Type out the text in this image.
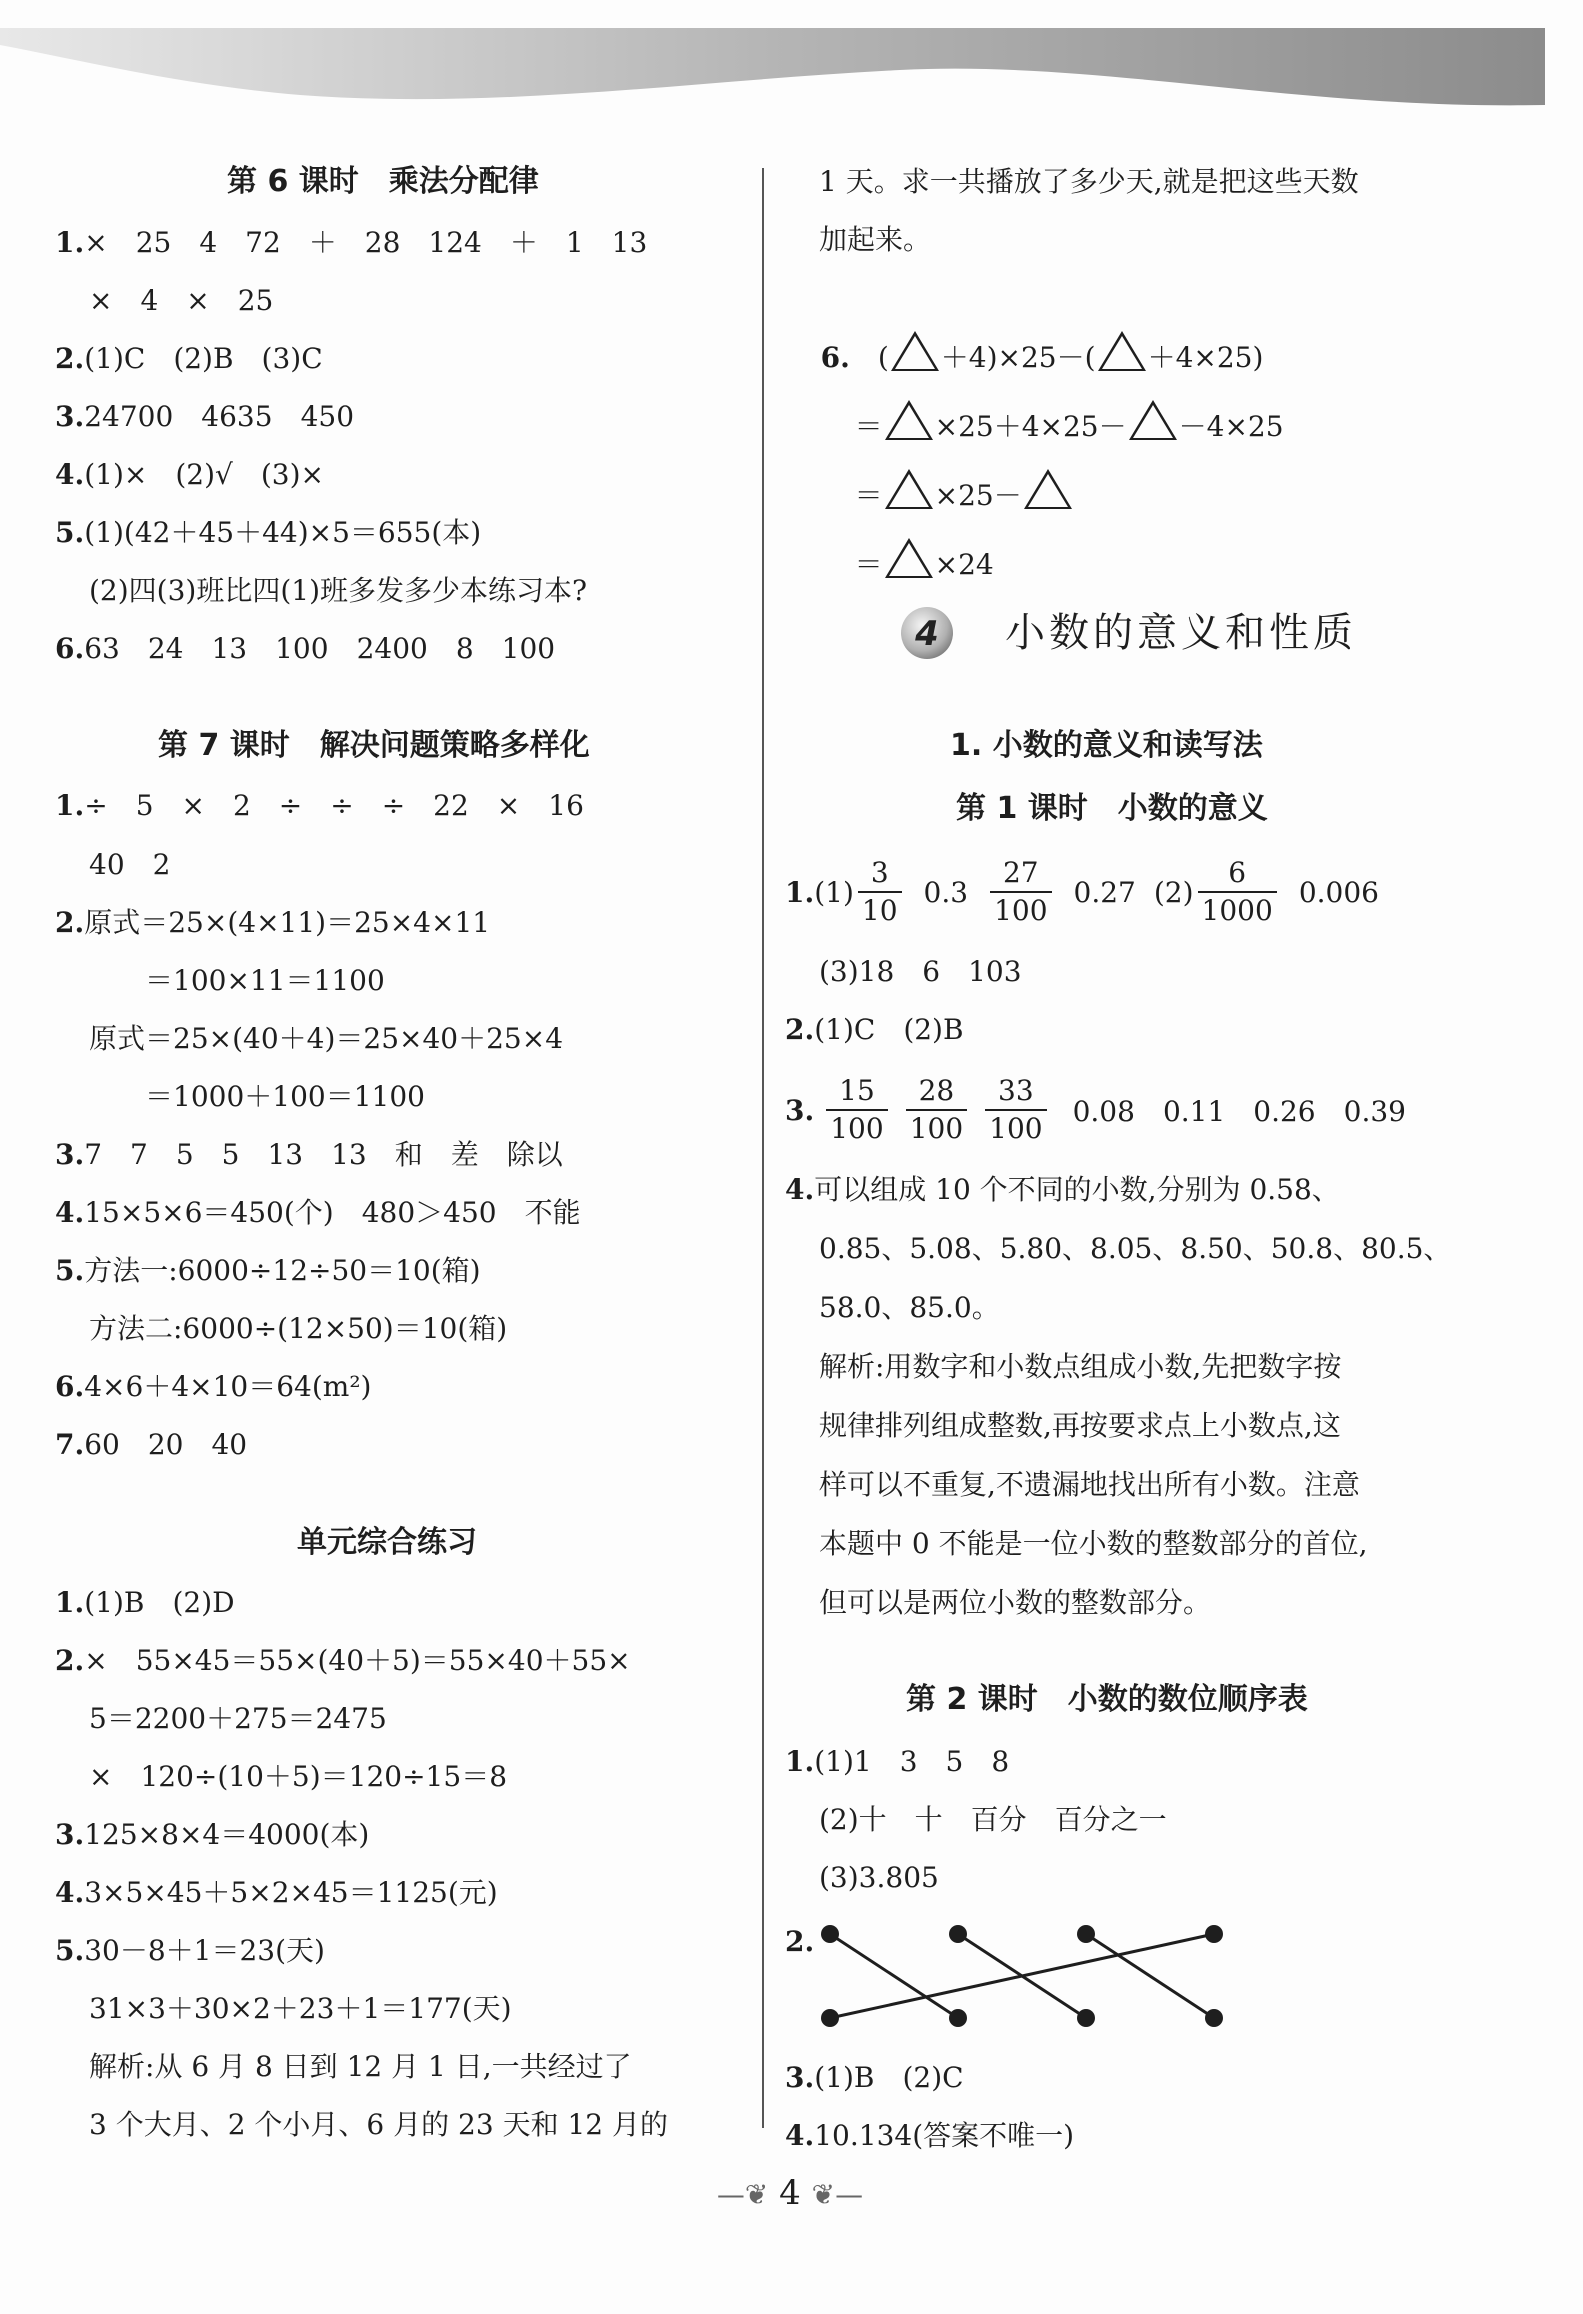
第 6 课时　乘法分配律
1.×　25　4　72　＋　28　124　＋　1　13
×　4　×　25
2.(1)C　(2)B　(3)C
3.24700　4635　450
4.(1)×　(2)√　(3)×
5.(1)(42＋45＋44)×5＝655(本)
(2)四(3)班比四(1)班多发多少本练习本?
6.63　24　13　100　2400　8　100
第 7 课时　解决问题策略多样化
1.÷　5　×　2　÷　÷　÷　22　×　16
40　2
2.原式＝25×(4×11)＝25×4×11
　　＝100×11＝1100
原式＝25×(40＋4)＝25×40＋25×4
　　＝1000＋100＝1100
3.7　7　5　5　13　13　和　差　除以
4.15×5×6＝450(个)　480＞450　不能
5.方法一:6000÷12÷50＝10(箱)
方法二:6000÷(12×50)＝10(箱)
6.4×6＋4×10＝64(m²)
7.60　20　40
单元综合练习
1.(1)B　(2)D
2.×　55×45＝55×(40＋5)＝55×40＋55×
5＝2200＋275＝2475
×　120÷(10＋5)＝120÷15＝8
3.125×8×4＝4000(本)
4.3×5×45＋5×2×45＝1125(元)
5.30－8＋1＝23(天)
31×3＋30×2＋23＋1＝177(天)
解析:从 6 月 8 日到 12 月 1 日,一共经过了
3 个大月、2 个小月、6 月的 23 天和 12 月的
1 天。求一共播放了多少天,就是把这些天数
加起来。

6.　 ( ＋4)×25－( ＋4×25)

＝ ×25＋4×25－ －4×25

＝ ×25－

＝ ×24

4 小数的意义和性质
1. 小数的意义和读写法
第 1 课时　小数的意义
1. $(1) \frac{3}{10} 0.3 \frac{27}{100} 0.27$ $(2) \frac{6}{1000} 0.006$
(3)18　6　103
2.(1)C　(2)B
3. $\frac{15}{100} \frac{28}{100} \frac{33}{100} 0.08$　0.11　0.26　0.39
4.可以组成 10 个不同的小数,分别为 0.58、
0.85、5.08、5.80、8.05、8.50、50.8、80.5、
58.0、85.0。
解析:用数字和小数点组成小数,先把数字按
规律排列组成整数,再按要求点上小数点,这
样可以不重复,不遗漏地找出所有小数。注意
本题中 0 不能是一位小数的整数部分的首位,
但可以是两位小数的整数部分。
第 2 课时　小数的数位顺序表
1.(1)1　3　5　8
(2)十　十　百分　百分之一
(3)3.805
2.
3.(1)B　(2)C
4.10.134(答案不唯一)
—❦ 4 ❦—
